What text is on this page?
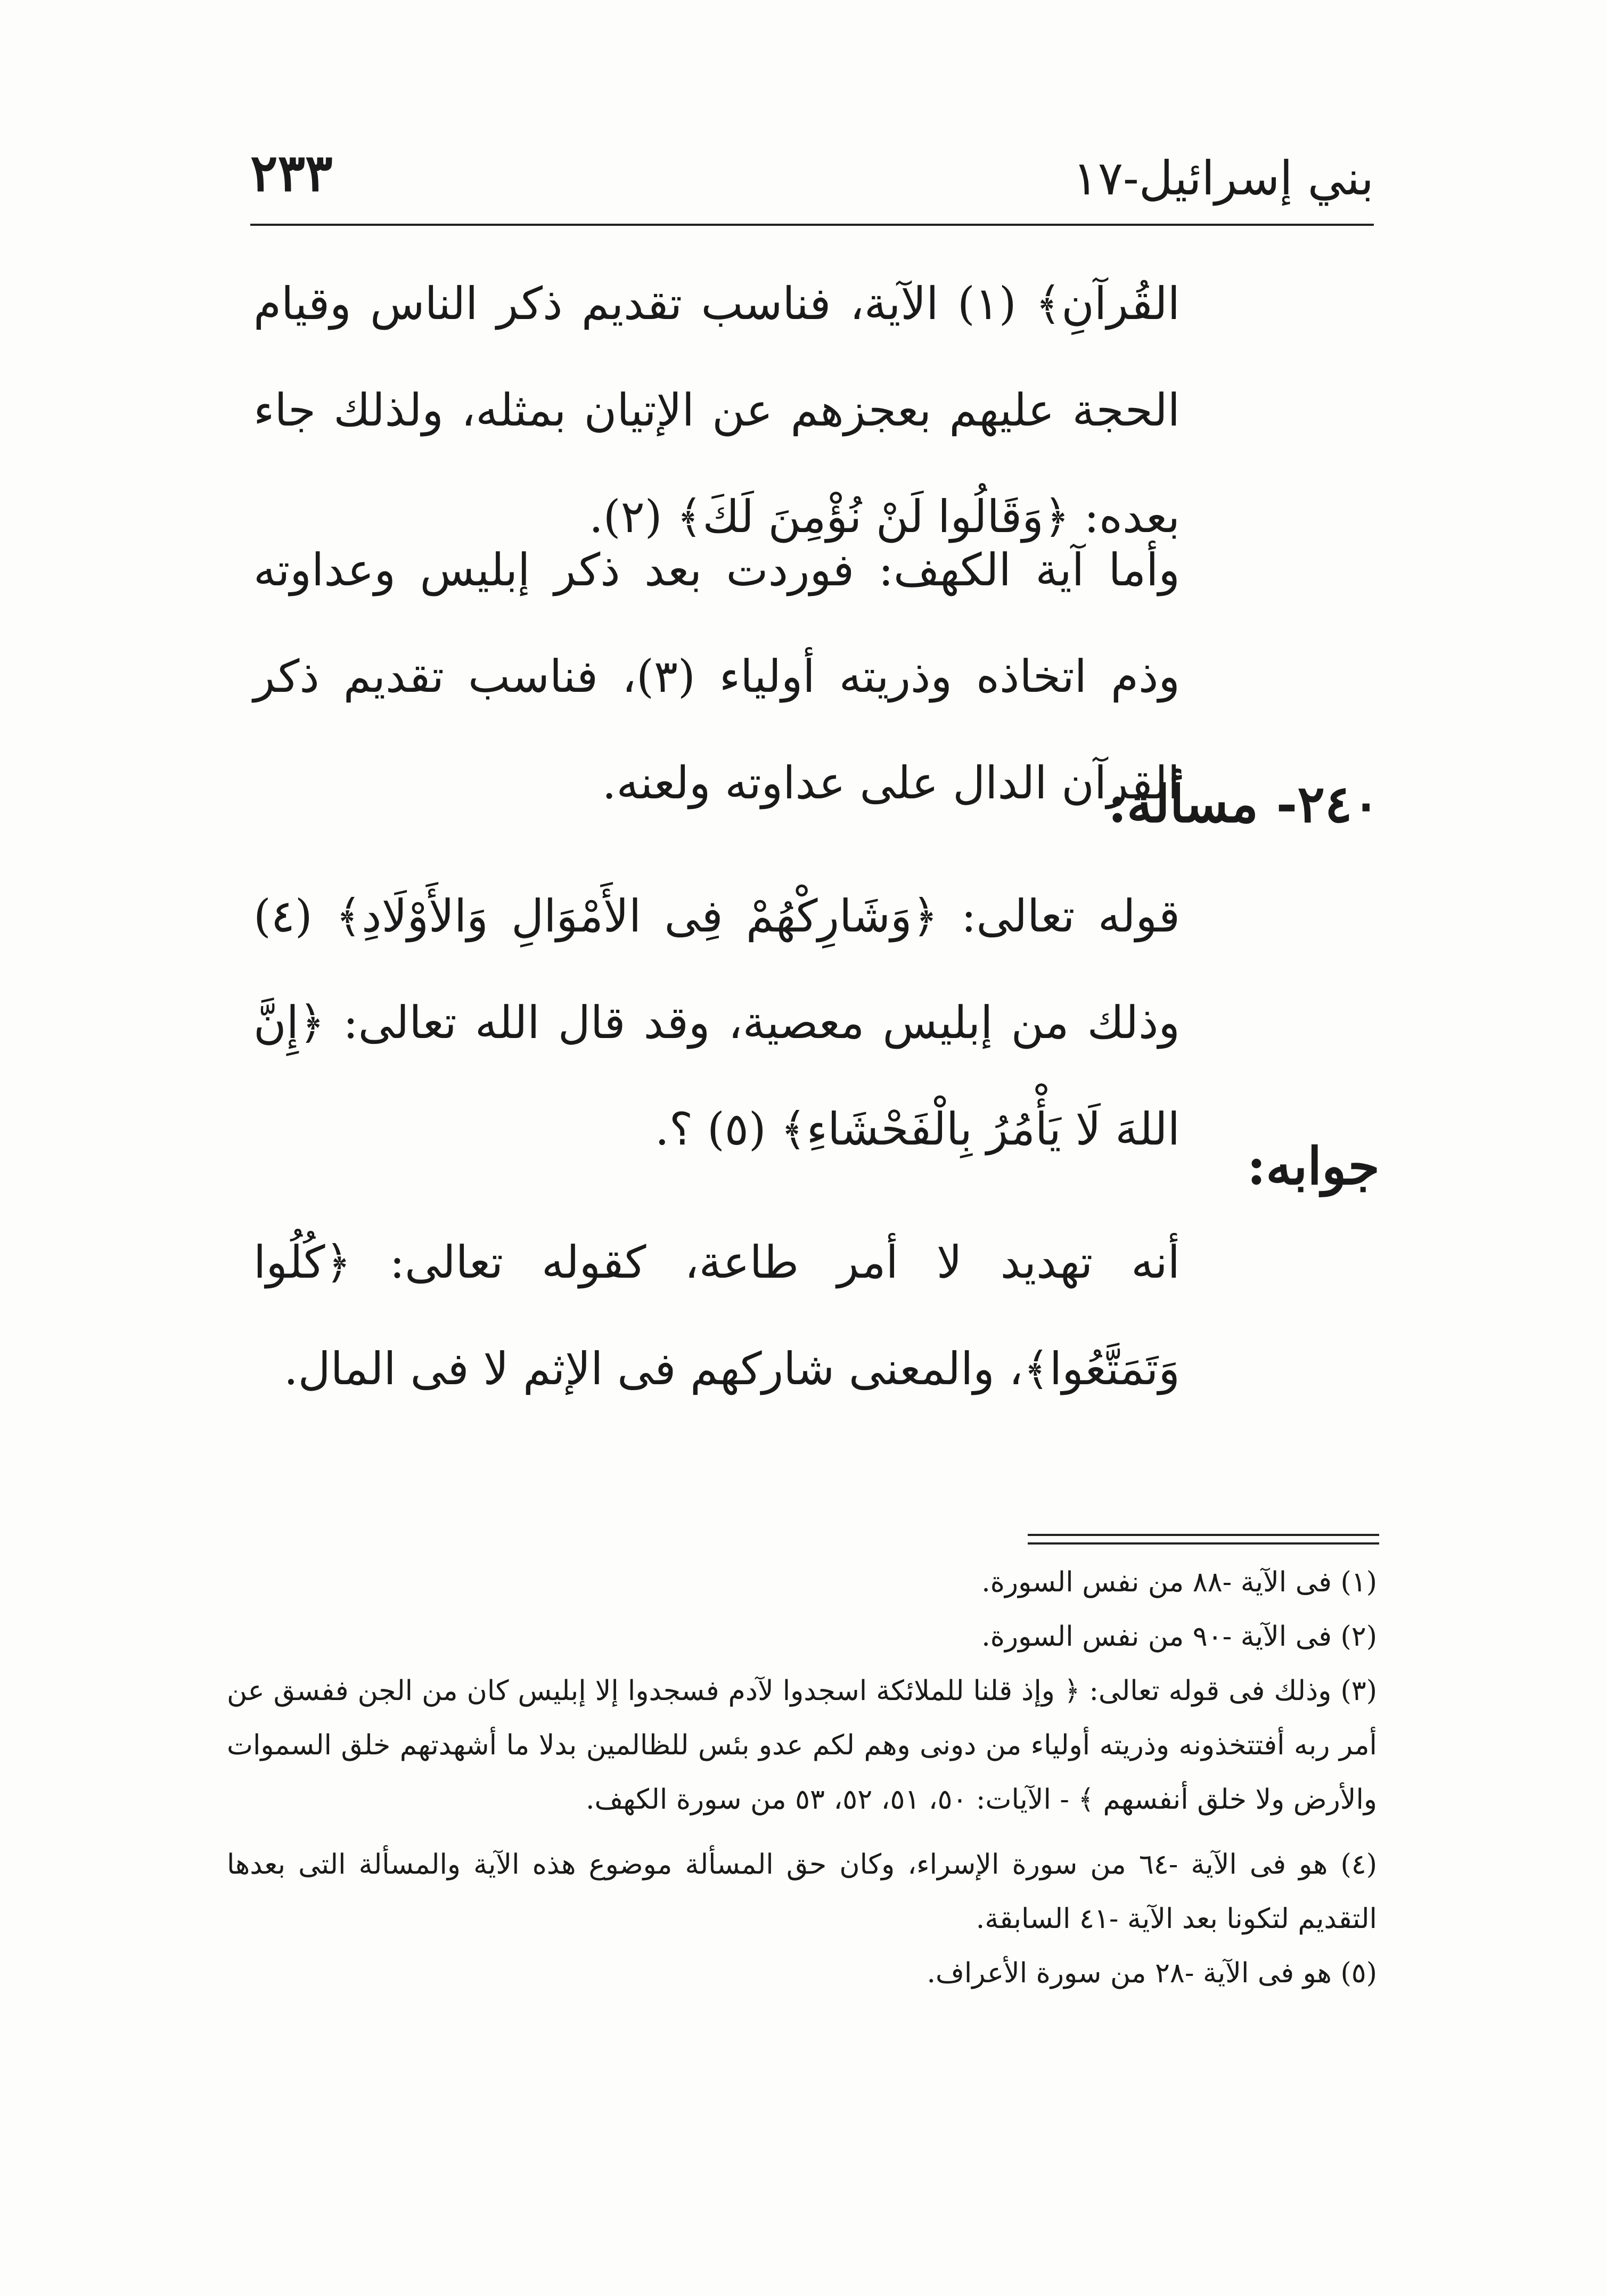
بني إسرائيل-١٧
٢٣٣
القُرآنِ﴾ (١) الآية، فناسب تقديم ذكر الناس وقيام الحجة عليهم بعجزهم عن الإتيان بمثله، ولذلك جاء بعده: ﴿وَقَالُوا لَنْ نُؤْمِنَ لَكَ﴾ (٢).
وأما آية الكهف: فوردت بعد ذكر إبليس وعداوته وذم اتخاذه وذريته أولياء (٣)، فناسب تقديم ذكر القرآن الدال على عداوته ولعنه.
٢٤٠- مسألة:
قوله تعالى: ﴿وَشَارِكْهُمْ فِى الأَمْوَالِ وَالأَوْلَادِ﴾ (٤) وذلك من إبليس معصية، وقد قال الله تعالى: ﴿إِنَّ اللهَ لَا يَأْمُرُ بِالْفَحْشَاءِ﴾ (٥) ؟.
جوابه:
أنه تهديد لا أمر طاعة، كقوله تعالى: ﴿كُلُوا وَتَمَتَّعُوا﴾، والمعنى شاركهم فى الإثم لا فى المال.

(١) فى الآية -٨٨ من نفس السورة.

(٢) فى الآية -٩٠ من نفس السورة.

(٣) وذلك فى قوله تعالى: ﴿ وإذ قلنا للملائكة اسجدوا لآدم فسجدوا إلا إبليس كان من الجن ففسق عن أمر ربه أفتتخذونه وذريته أولياء من دونى وهم لكم عدو بئس للظالمين بدلا ما أشهدتهم خلق السموات والأرض ولا خلق أنفسهم ﴾ - الآيات: ٥٠، ٥١، ٥٢، ٥٣ من سورة الكهف.

(٤) هو فى الآية -٦٤ من سورة الإسراء، وكان حق المسألة موضوع هذه الآية والمسألة التى بعدها التقديم لتكونا بعد الآية -٤١ السابقة.

(٥) هو فى الآية -٢٨ من سورة الأعراف.
